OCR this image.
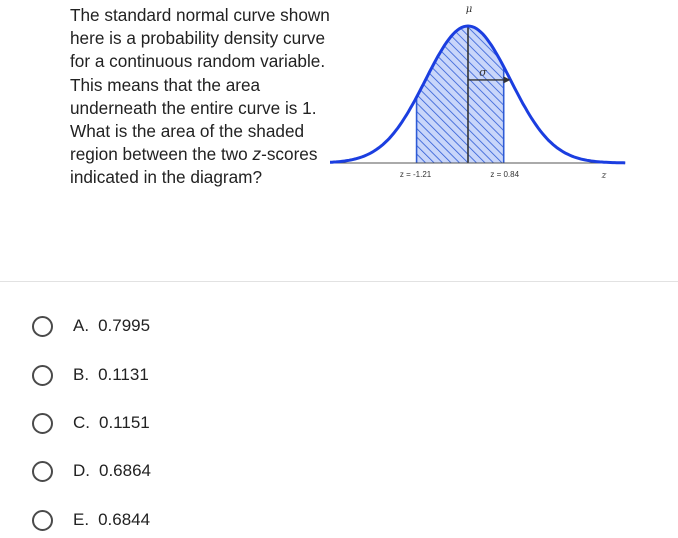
The standard normal curve shown here is a probability density curve for a continuous random variable. This means that the area underneath the entire curve is 1. What is the area of the shaded region between the two z-scores indicated in the diagram?

μ
σ
z = -1.21	z = 0.84	z
A. 0.7995
B. 0.1131
C. 0.1151
D. 0.6864
E. 0.6844
